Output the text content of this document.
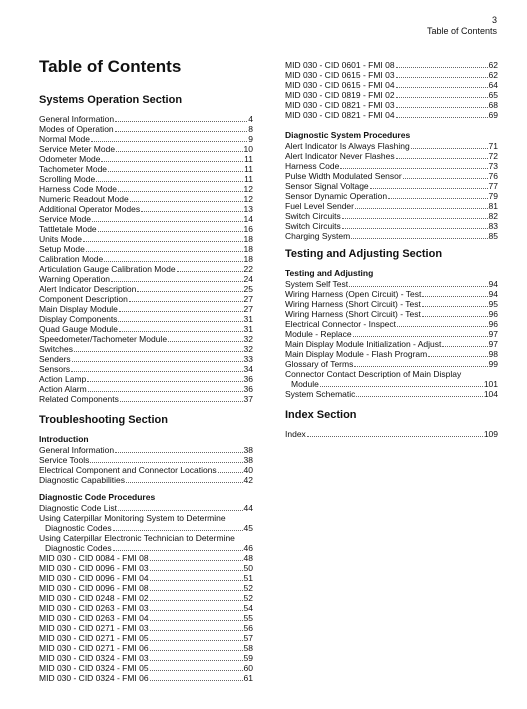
3
Table of Contents
Table of Contents
Systems Operation Section
General Information	4
Modes of Operation	8
Normal Mode	9
Service Meter Mode	10
Odometer Mode	11
Tachometer Mode	11
Scrolling Mode	11
Harness Code Mode	12
Numeric Readout Mode	12
Additional Operator Modes	13
Service Mode	14
Tattletale Mode	16
Units Mode	18
Setup Mode	18
Calibration Mode	18
Articulation Gauge Calibration Mode	22
Warning Operation	24
Alert Indicator Description	25
Component Description	27
Main Display Module	27
Display Components	31
Quad Gauge Module	31
Speedometer/Tachometer Module	32
Switches	32
Senders	33
Sensors	34
Action Lamp	36
Action Alarm	36
Related Components	37
Troubleshooting Section
Introduction
General Information	38
Service Tools	38
Electrical Component and Connector Locations	40
Diagnostic Capabilities	42
Diagnostic Code Procedures
Diagnostic Code List	44
Using Caterpillar Monitoring System to Determine
Diagnostic Codes	45
Using Caterpillar Electronic Technician to Determine
Diagnostic Codes	46
MID 030 - CID 0084 - FMI 08	48
MID 030 - CID 0096 - FMI 03	50
MID 030 - CID 0096 - FMI 04	51
MID 030 - CID 0096 - FMI 08	52
MID 030 - CID 0248 - FMI 02	52
MID 030 - CID 0263 - FMI 03	54
MID 030 - CID 0263 - FMI 04	55
MID 030 - CID 0271 - FMI 03	56
MID 030 - CID 0271 - FMI 05	57
MID 030 - CID 0271 - FMI 06	58
MID 030 - CID 0324 - FMI 03	59
MID 030 - CID 0324 - FMI 05	60
MID 030 - CID 0324 - FMI 06	61
MID 030 - CID 0601 - FMI 08	62
MID 030 - CID 0615 - FMI 03	62
MID 030 - CID 0615 - FMI 04	64
MID 030 - CID 0819 - FMI 02	65
MID 030 - CID 0821 - FMI 03	68
MID 030 - CID 0821 - FMI 04	69
Diagnostic System Procedures
Alert Indicator Is Always Flashing	71
Alert Indicator Never Flashes	72
Harness Code	73
Pulse Width Modulated Sensor	76
Sensor Signal Voltage	77
Sensor Dynamic Operation	79
Fuel Level Sender	81
Switch Circuits	82
Switch Circuits	83
Charging System	85
Testing and Adjusting Section
Testing and Adjusting
System Self Test	94
Wiring Harness (Open Circuit) - Test	94
Wiring Harness (Short Circuit) - Test	95
Wiring Harness (Short Circuit) - Test	96
Electrical Connector - Inspect	96
Module - Replace	97
Main Display Module Initialization - Adjust	97
Main Display Module - Flash Program	98
Glossary of Terms	99
Connector Contact Description of Main Display
Module	101
System Schematic	104
Index Section
Index	109
